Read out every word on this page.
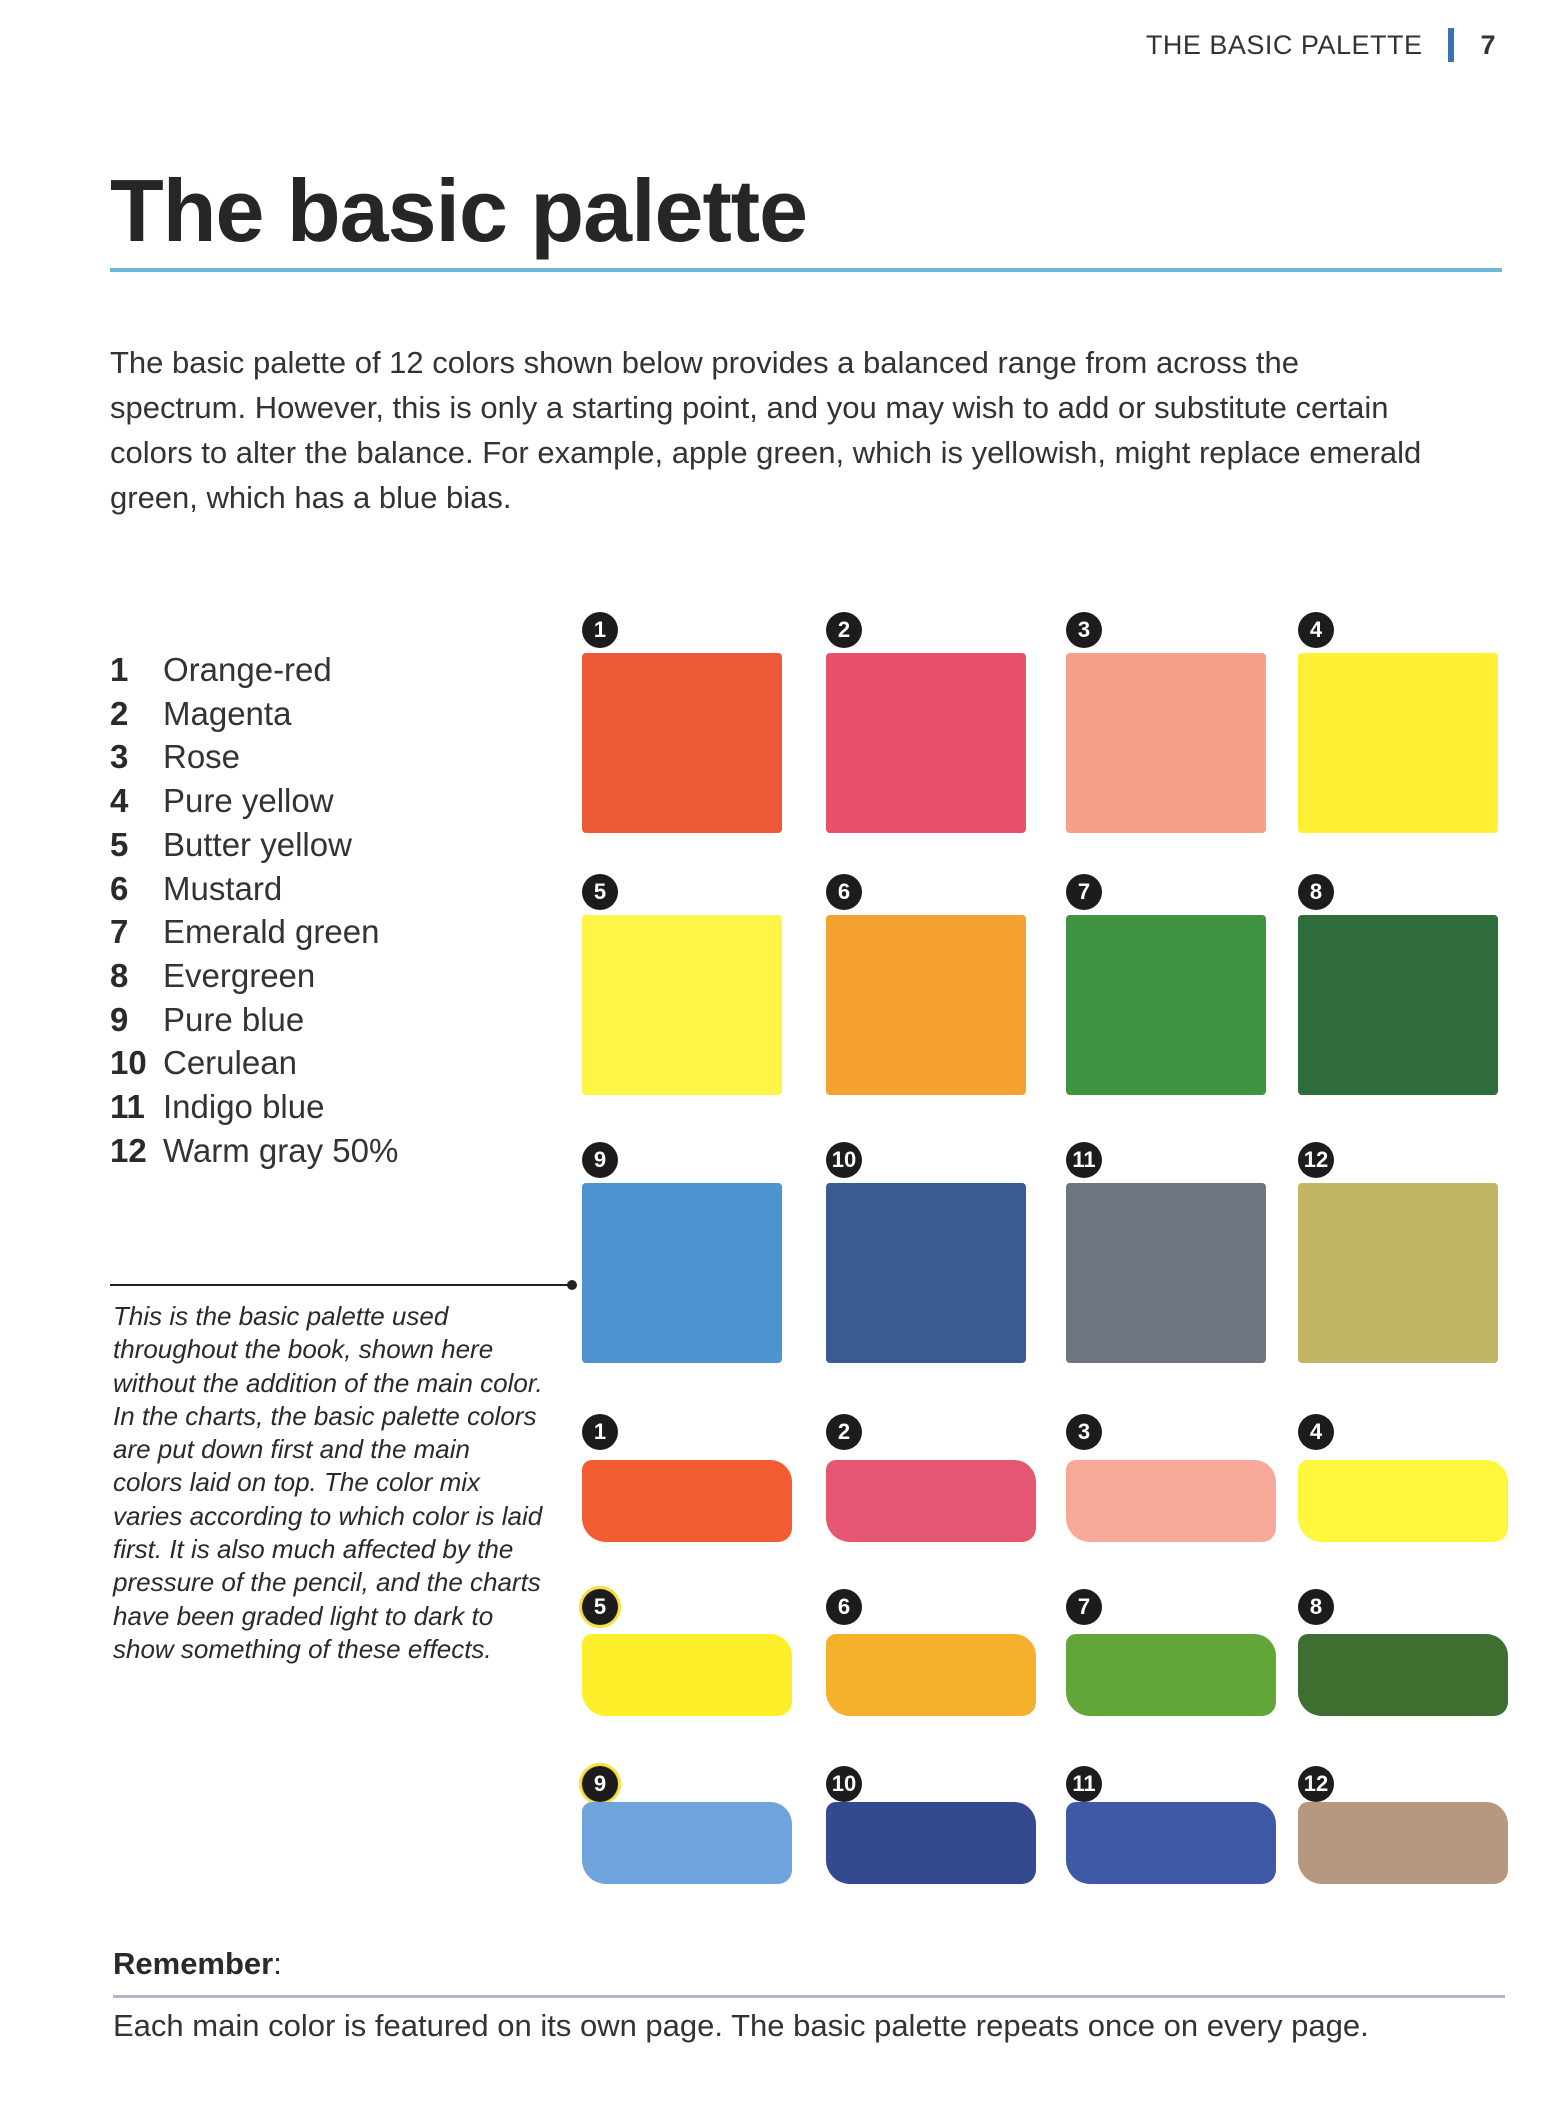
THE BASIC PALETTE 7
The basic palette

The basic palette of 12 colors shown below provides a balanced range from across the spectrum. However, this is only a starting point, and you may wish to add or substitute certain colors to alter the balance. For example, apple green, which is yellowish, might replace emerald green, which has a blue bias.

1	Orange-red
2	Magenta
3	Rose
4	Pure yellow
5	Butter yellow
6	Mustard
7	Emerald green
8	Evergreen
9	Pure blue
10 Cerulean
11 Indigo blue
12 Warm gray 50%

This is the basic palette used throughout the book, shown here without the addition of the main color. In the charts, the basic palette colors are put down first and the main colors laid on top. The color mix varies according to which color is laid first. It is also much affected by the pressure of the pencil, and the charts have been graded light to dark to show something of these effects.

1	2	3	4
5	6	7	8
9	10	11	12
1	2	3	4
5	6	7	8
9	10	11	12

Remember:

Each main color is featured on its own page. The basic palette repeats once on every page.
